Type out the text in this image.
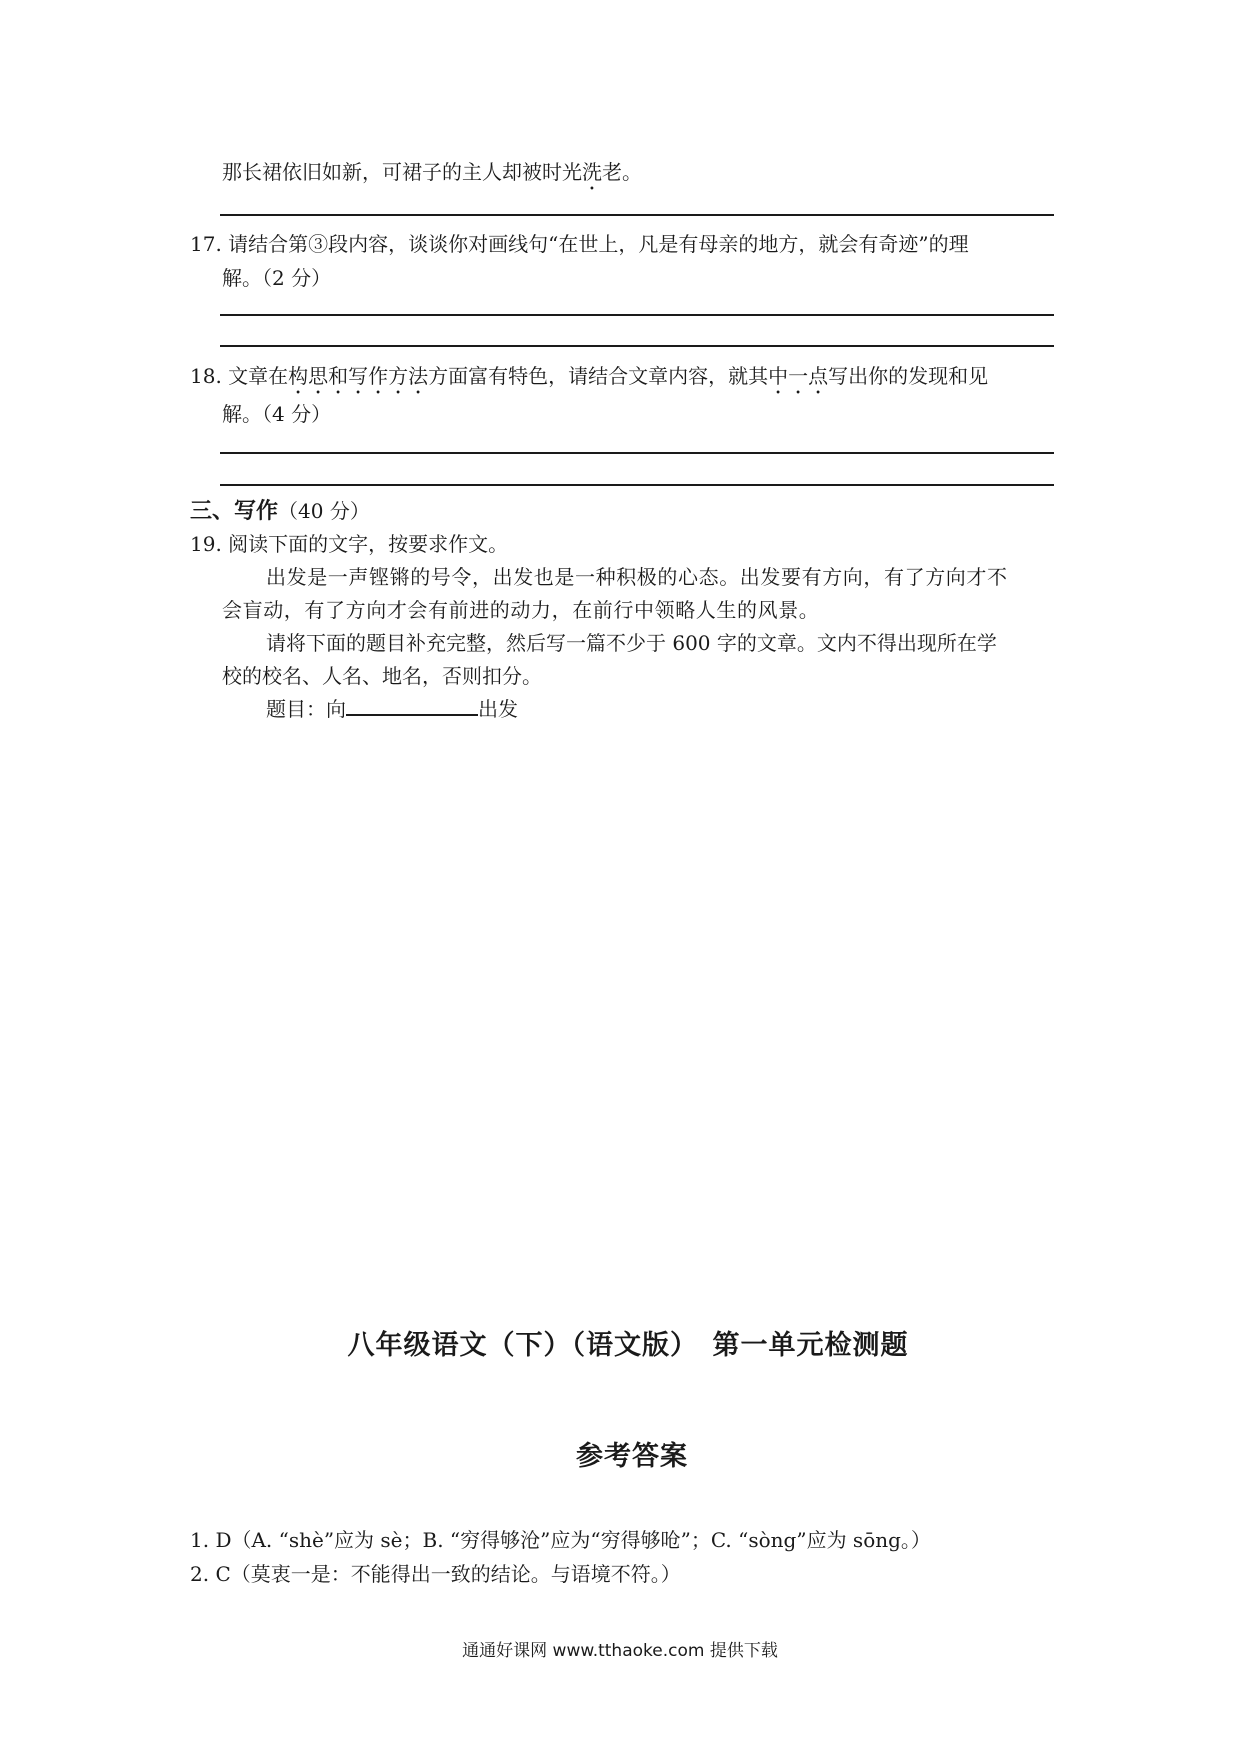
那长裙依旧如新，可裙子的主人却被时光洗老。
17. 请结合第③段内容，谈谈你对画线句“在世上，凡是有母亲的地方，就会有奇迹”的理
解。（2 分）
18. 文章在构思和写作方法方面富有特色，请结合文章内容，就其中一点写出你的发现和见
解。（4 分）
三、写作（40 分）
19. 阅读下面的文字，按要求作文。
出发是一声铿锵的号令，出发也是一种积极的心态。出发要有方向，有了方向才不
会盲动，有了方向才会有前进的动力，在前行中领略人生的风景。
请将下面的题目补充完整，然后写一篇不少于 600 字的文章。文内不得出现所在学
校的校名、人名、地名，否则扣分。
题目：向	出发
八年级语文（下）（语文版）　第一单元检测题
参考答案
1. D（A. “shè”应为 sè；B. “穷得够沧”应为“穷得够呛”；C. “sòng”应为 sōng。）
2. C（莫衷一是：不能得出一致的结论。与语境不符。）
通通好课网 www.tthaoke.com 提供下载
